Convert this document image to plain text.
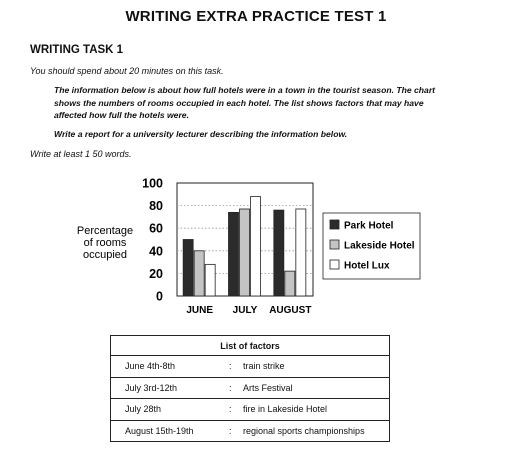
WRITING EXTRA PRACTICE TEST 1
WRITING TASK 1
You should spend about 20 minutes on this task.
The information below is about how full hotels were in a town in the tourist season. The chart shows the numbers of rooms occupied in each hotel. The list shows factors that may have affected how full the hotels were.
Write a report for a university lecturer describing the information below.
Write at least 1 50 words.
0
20
40
60
80
100
Percentage
of rooms
occupied
JUNE JULY AUGUST
Park Hotel
Lakeside Hotel
Hotel Lux
List of factors		
June 4th-8th	:	train strike
July 3rd-12th	:	Arts Festival
July 28th	:	fire in Lakeside Hotel
August 15th-19th	:	regional sports championships
